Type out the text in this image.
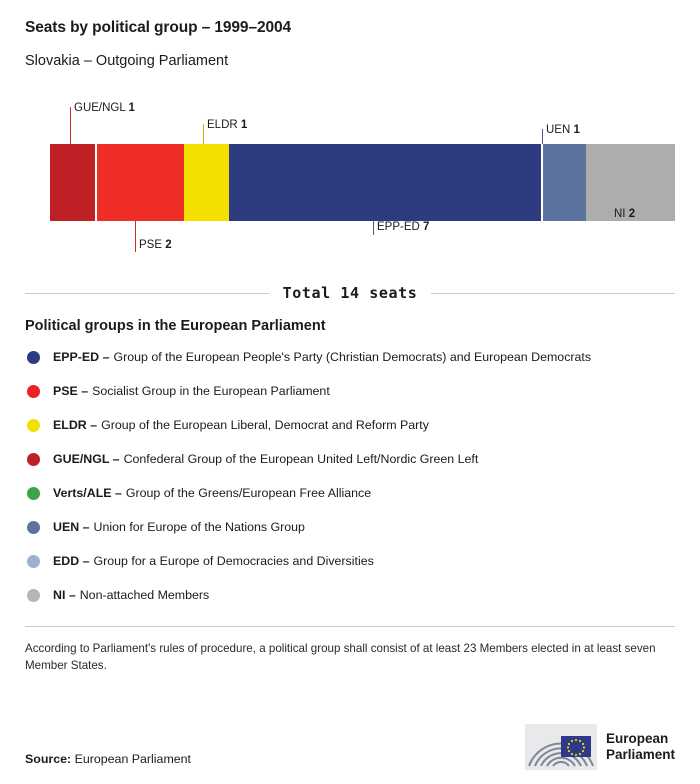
Seats by political group – 1999–2004
Slovakia – Outgoing Parliament
GUE/NGL 1
PSE 2
ELDR 1
EPP-ED 7
UEN 1
NI 2
Total 14 seats
Political groups in the European Parliament
EPP-ED – Group of the European People's Party (Christian Democrats) and European Democrats
PSE – Socialist Group in the European Parliament
ELDR – Group of the European Liberal, Democrat and Reform Party
GUE/NGL – Confederal Group of the European United Left/Nordic Green Left
Verts/ALE – Group of the Greens/European Free Alliance
UEN – Union for Europe of the Nations Group
EDD – Group for a Europe of Democracies and Diversities
NI – Non-attached Members
According to Parliament's rules of procedure, a political group shall consist of at least 23 Members elected in at least seven Member States.
Source: European Parliament
European
Parliament
